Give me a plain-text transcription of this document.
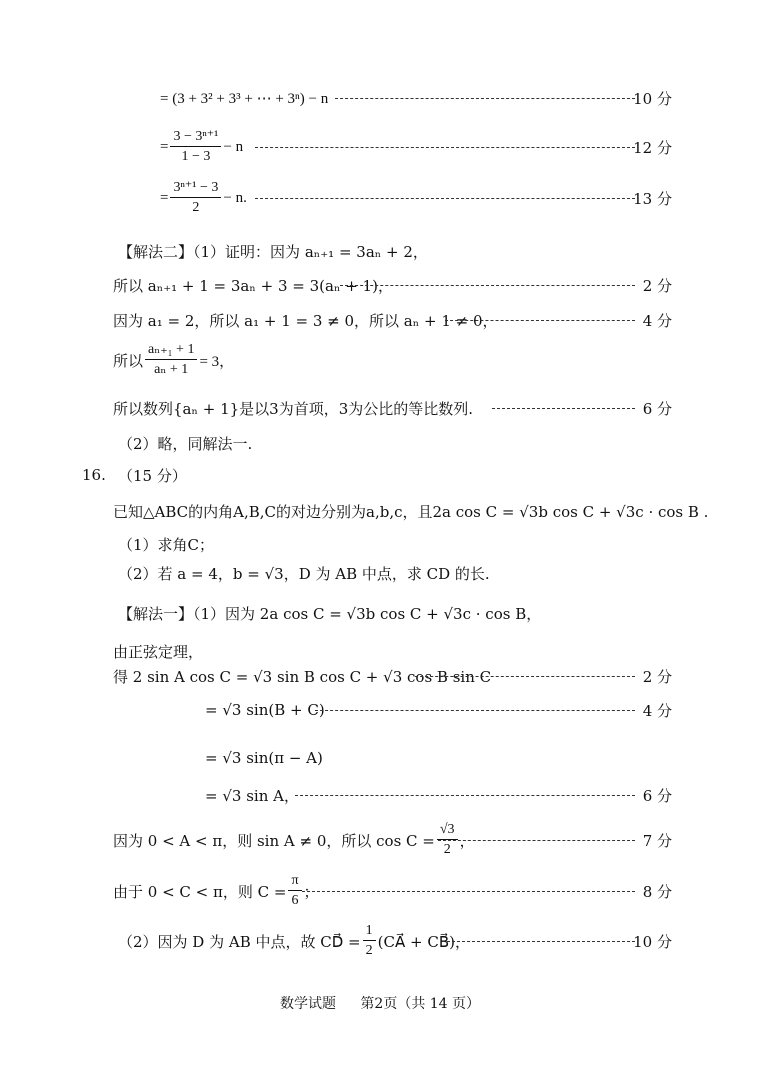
= (3 + 3² + 3³ + ⋯ + 3ⁿ) − n	10 分
= $\frac{\text{3 − 3ⁿ⁺¹}}{1 - 3} - n$	12 分
= $\frac{\text{3ⁿ⁺¹ − 3}}{2} - n$.	13 分
【解法二】（1）证明：因为 aₙ₊₁ = 3aₙ + 2，
所以 aₙ₊₁ + 1 = 3aₙ + 3 = 3(aₙ + 1)，	2 分
因为 a₁ = 2，所以 a₁ + 1 = 3 ≠ 0，所以 aₙ + 1 ≠ 0，	4 分
所以 $\frac{\text{aₙ₊₁ + 1}}{\text{aₙ + 1}} = 3$，
所以数列{aₙ + 1}是以3为首项，3为公比的等比数列.	6 分
（2）略，同解法一.
16. （15 分）
已知△ABC的内角A,B,C的对边分别为a,b,c，且2a cos C = √3b cos C + √3c · cos B .
（1）求角C；
（2）若 a = 4，b = √3，D 为 AB 中点，求 CD 的长.
【解法一】（1）因为 2a cos C = √3b cos C + √3c · cos B，
由正弦定理，
得 2 sin A cos C = √3 sin B cos C + √3 cos B sin C	2 分
= √3 sin(B + C)	4 分
= √3 sin(π − A)
= √3 sin A，	6 分
因为 0 < A < π，则 sin A ≠ 0，所以 $\cos C = \frac{√3}{2}$ ，	7 分
由于 0 < C < π，则 $C = \frac{\pi}{6}$ ；	8 分
（2）因为 D 为 AB 中点，故 CD⃗ = $\frac{1}{2}$ (CA⃗ + CB⃗)，	10 分
数学试题 第2页（共 14 页）
